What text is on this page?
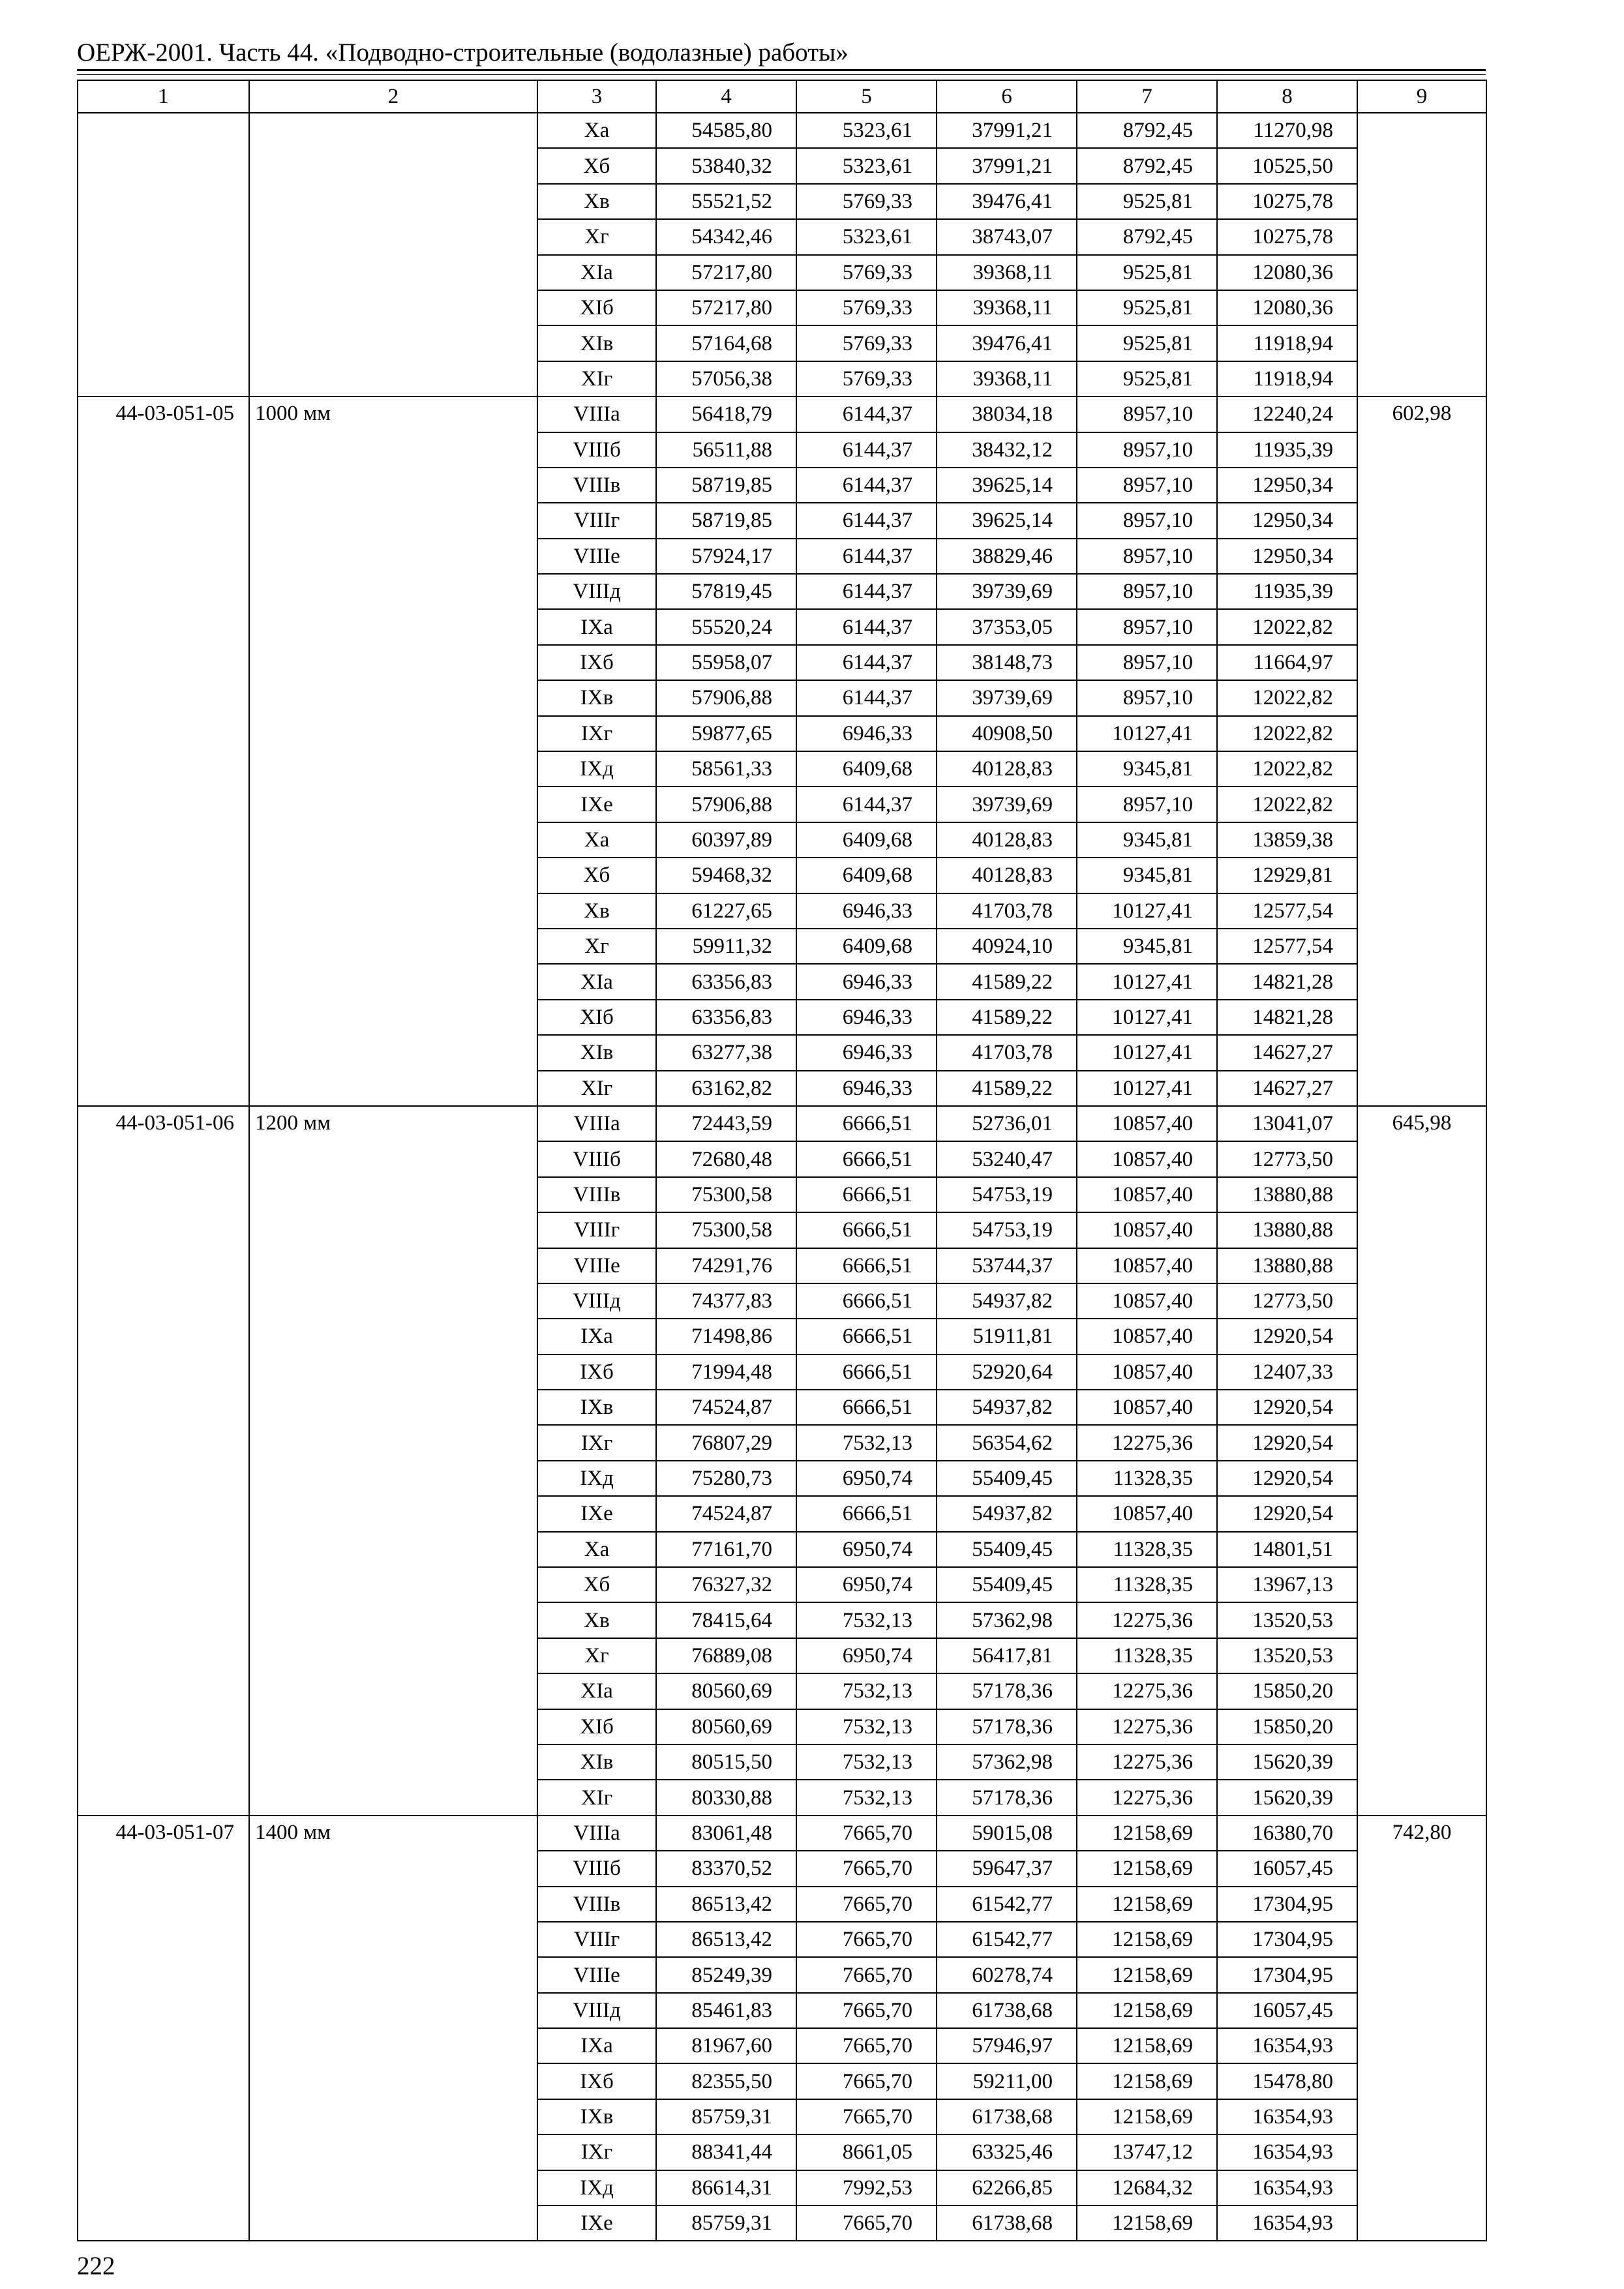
ОЕРЖ-2001. Часть 44. «Подводно-строительные (водолазные) работы»
1	2	3	4	5	6	7	8	9
		Xа	54585,80	5323,61	37991,21	8792,45	11270,98	
		Xб	53840,32	5323,61	37991,21	8792,45	10525,50	
		Xв	55521,52	5769,33	39476,41	9525,81	10275,78	
		Xг	54342,46	5323,61	38743,07	8792,45	10275,78	
		XIа	57217,80	5769,33	39368,11	9525,81	12080,36	
		XIб	57217,80	5769,33	39368,11	9525,81	12080,36	
		XIв	57164,68	5769,33	39476,41	9525,81	11918,94	
		XIг	57056,38	5769,33	39368,11	9525,81	11918,94	
44-03-051-05	1000 мм	VIIIа	56418,79	6144,37	38034,18	8957,10	12240,24	602,98
		VIIIб	56511,88	6144,37	38432,12	8957,10	11935,39	
		VIIIв	58719,85	6144,37	39625,14	8957,10	12950,34	
		VIIIг	58719,85	6144,37	39625,14	8957,10	12950,34	
		VIIIе	57924,17	6144,37	38829,46	8957,10	12950,34	
		VIIIд	57819,45	6144,37	39739,69	8957,10	11935,39	
		IXа	55520,24	6144,37	37353,05	8957,10	12022,82	
		IXб	55958,07	6144,37	38148,73	8957,10	11664,97	
		IXв	57906,88	6144,37	39739,69	8957,10	12022,82	
		IXг	59877,65	6946,33	40908,50	10127,41	12022,82	
		IXд	58561,33	6409,68	40128,83	9345,81	12022,82	
		IXе	57906,88	6144,37	39739,69	8957,10	12022,82	
		Xа	60397,89	6409,68	40128,83	9345,81	13859,38	
		Xб	59468,32	6409,68	40128,83	9345,81	12929,81	
		Xв	61227,65	6946,33	41703,78	10127,41	12577,54	
		Xг	59911,32	6409,68	40924,10	9345,81	12577,54	
		XIа	63356,83	6946,33	41589,22	10127,41	14821,28	
		XIб	63356,83	6946,33	41589,22	10127,41	14821,28	
		XIв	63277,38	6946,33	41703,78	10127,41	14627,27	
		XIг	63162,82	6946,33	41589,22	10127,41	14627,27	
44-03-051-06	1200 мм	VIIIа	72443,59	6666,51	52736,01	10857,40	13041,07	645,98
		VIIIб	72680,48	6666,51	53240,47	10857,40	12773,50	
		VIIIв	75300,58	6666,51	54753,19	10857,40	13880,88	
		VIIIг	75300,58	6666,51	54753,19	10857,40	13880,88	
		VIIIе	74291,76	6666,51	53744,37	10857,40	13880,88	
		VIIIд	74377,83	6666,51	54937,82	10857,40	12773,50	
		IXа	71498,86	6666,51	51911,81	10857,40	12920,54	
		IXб	71994,48	6666,51	52920,64	10857,40	12407,33	
		IXв	74524,87	6666,51	54937,82	10857,40	12920,54	
		IXг	76807,29	7532,13	56354,62	12275,36	12920,54	
		IXд	75280,73	6950,74	55409,45	11328,35	12920,54	
		IXе	74524,87	6666,51	54937,82	10857,40	12920,54	
		Xа	77161,70	6950,74	55409,45	11328,35	14801,51	
		Xб	76327,32	6950,74	55409,45	11328,35	13967,13	
		Xв	78415,64	7532,13	57362,98	12275,36	13520,53	
		Xг	76889,08	6950,74	56417,81	11328,35	13520,53	
		XIа	80560,69	7532,13	57178,36	12275,36	15850,20	
		XIб	80560,69	7532,13	57178,36	12275,36	15850,20	
		XIв	80515,50	7532,13	57362,98	12275,36	15620,39	
		XIг	80330,88	7532,13	57178,36	12275,36	15620,39	
44-03-051-07	1400 мм	VIIIа	83061,48	7665,70	59015,08	12158,69	16380,70	742,80
		VIIIб	83370,52	7665,70	59647,37	12158,69	16057,45	
		VIIIв	86513,42	7665,70	61542,77	12158,69	17304,95	
		VIIIг	86513,42	7665,70	61542,77	12158,69	17304,95	
		VIIIе	85249,39	7665,70	60278,74	12158,69	17304,95	
		VIIIд	85461,83	7665,70	61738,68	12158,69	16057,45	
		IXа	81967,60	7665,70	57946,97	12158,69	16354,93	
		IXб	82355,50	7665,70	59211,00	12158,69	15478,80	
		IXв	85759,31	7665,70	61738,68	12158,69	16354,93	
		IXг	88341,44	8661,05	63325,46	13747,12	16354,93	
		IXд	86614,31	7992,53	62266,85	12684,32	16354,93	
		IXе	85759,31	7665,70	61738,68	12158,69	16354,93	
222
